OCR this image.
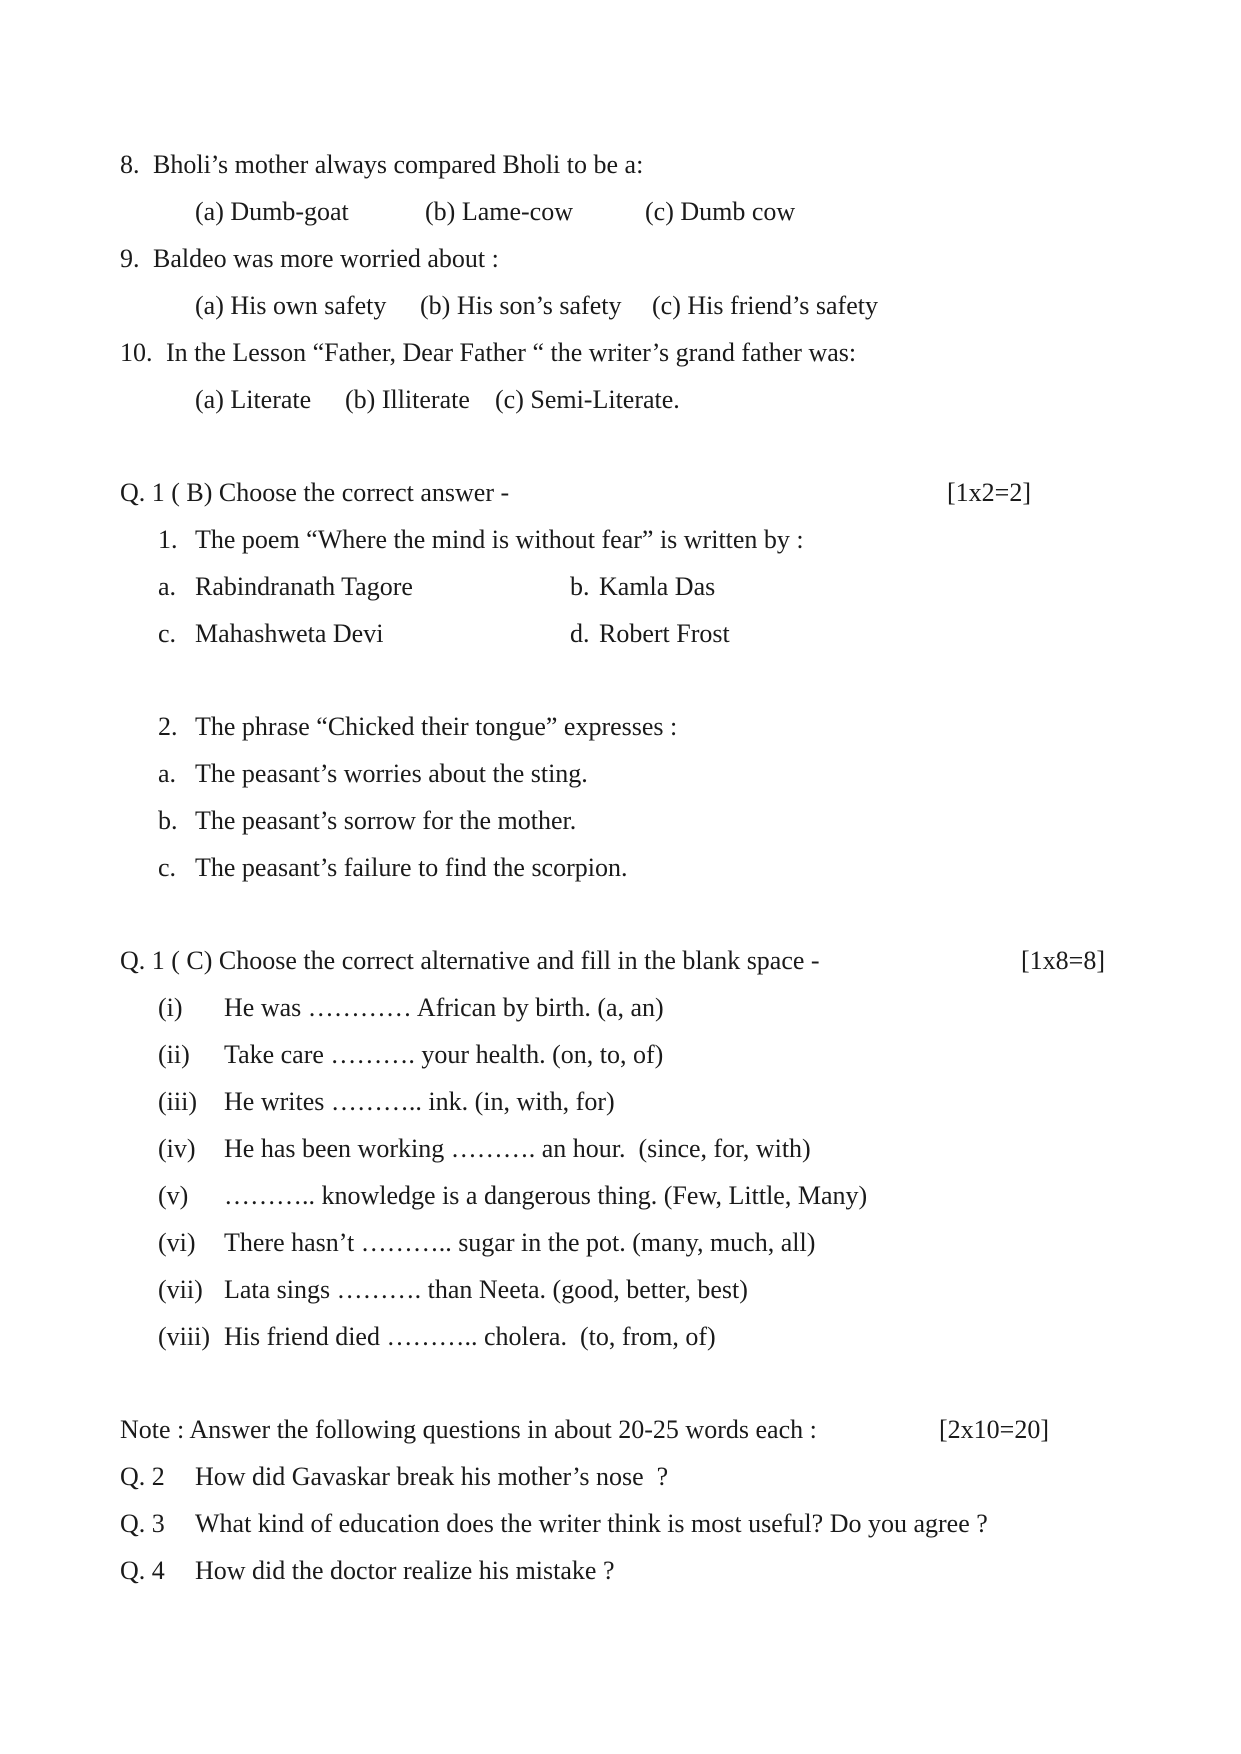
8. Bholi’s mother always compared Bholi to be a:
(a) Dumb-goat	(b) Lame-cow	(c) Dumb cow
9. Baldeo was more worried about :
(a) His own safety (b) His son’s safety (c) His friend’s safety
10. In the Lesson “Father, Dear Father “ the writer’s grand father was:
(a) Literate (b) Illiterate (c) Semi-Literate.
Q. 1 ( B) Choose the correct answer -	[1x2=2]
1. The poem “Where the mind is without fear” is written by :
a. Rabindranath Tagore	b. Kamla Das
c. Mahashweta Devi	d. Robert Frost
2. The phrase “Chicked their tongue” expresses :
a. The peasant’s worries about the sting.
b. The peasant’s sorrow for the mother.
c. The peasant’s failure to find the scorpion.
Q. 1 ( C) Choose the correct alternative and fill in the blank space -	[1x8=8]
(i) He was ………… African by birth. (a, an)
(ii) Take care ………. your health. (on, to, of)
(iii) He writes ……….. ink. (in, with, for)
(iv) He has been working ………. an hour.  (since, for, with)
(v) ……….. knowledge is a dangerous thing. (Few, Little, Many)
(vi) There hasn’t ……….. sugar in the pot. (many, much, all)
(vii) Lata sings ………. than Neeta. (good, better, best)
(viii) His friend died ……….. cholera.  (to, from, of)
Note : Answer the following questions in about 20-25 words each :	[2x10=20]
Q. 2 How did Gavaskar break his mother’s nose  ?
Q. 3 What kind of education does the writer think is most useful? Do you agree ?
Q. 4 How did the doctor realize his mistake ?
